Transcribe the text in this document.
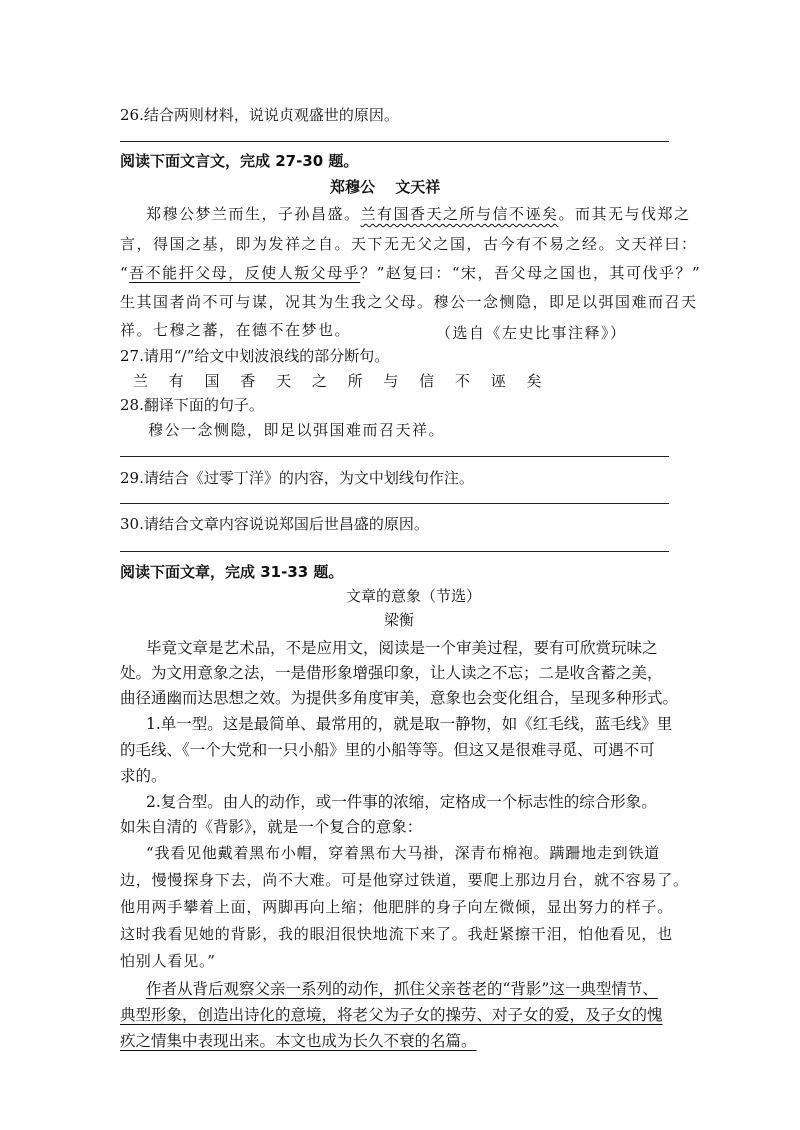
26.结合两则材料，说说贞观盛世的原因。
阅读下面文言文，完成 27-30 题。
郑穆公　 文天祥
郑穆公梦兰而生，子孙昌盛。兰有国香天之所与信不诬矣。而其无与伐郑之
言，得国之基，即为发祥之自。天下无无父之国，古今有不易之经。文天祥曰：
“吾不能扞父母，反使人叛父母乎？”赵复曰：“宋，吾父母之国也，其可伐乎？”
生其国者尚不可与谋，况其为生我之父母。穆公一念恻隐，即足以弭国难而召天
祥。七穆之蕃，在德不在梦也。	（选自《左史比事注释》）
27.请用“/”给文中划波浪线的部分断句。
兰 有 国 香 天 之 所 与 信 不 诬 矣
28.翻译下面的句子。
穆公一念恻隐，即足以弭国难而召天祥。
29.请结合《过零丁洋》的内容，为文中划线句作注。
30.请结合文章内容说说郑国后世昌盛的原因。
阅读下面文章，完成 31-33 题。
文章的意象（节选）
梁衡
毕竟文章是艺术品，不是应用文，阅读是一个审美过程，要有可欣赏玩味之
处。为文用意象之法，一是借形象增强印象，让人读之不忘；二是收含蓄之美，
曲径通幽而达思想之效。为提供多角度审美，意象也会变化组合，呈现多种形式。
1.单一型。这是最简单、最常用的，就是取一静物，如《红毛线，蓝毛线》里
的毛线、《一个大党和一只小船》里的小船等等。但这又是很难寻觅、可遇不可
求的。
2.复合型。由人的动作，或一件事的浓缩，定格成一个标志性的综合形象。
如朱自清的《背影》，就是一个复合的意象：
“我看见他戴着黑布小帽，穿着黑布大马褂，深青布棉袍。蹒跚地走到铁道
边，慢慢探身下去，尚不大难。可是他穿过铁道，要爬上那边月台，就不容易了。
他用两手攀着上面，两脚再向上缩；他肥胖的身子向左微倾，显出努力的样子。
这时我看见她的背影，我的眼泪很快地流下来了。我赶紧擦干泪，怕他看见，也
怕别人看见。”
作者从背后观察父亲一系列的动作，抓住父亲苍老的“背影”这一典型情节、
典型形象，创造出诗化的意境，将老父为子女的操劳、对子女的爱，及子女的愧
疚之情集中表现出来。本文也成为长久不衰的名篇。
